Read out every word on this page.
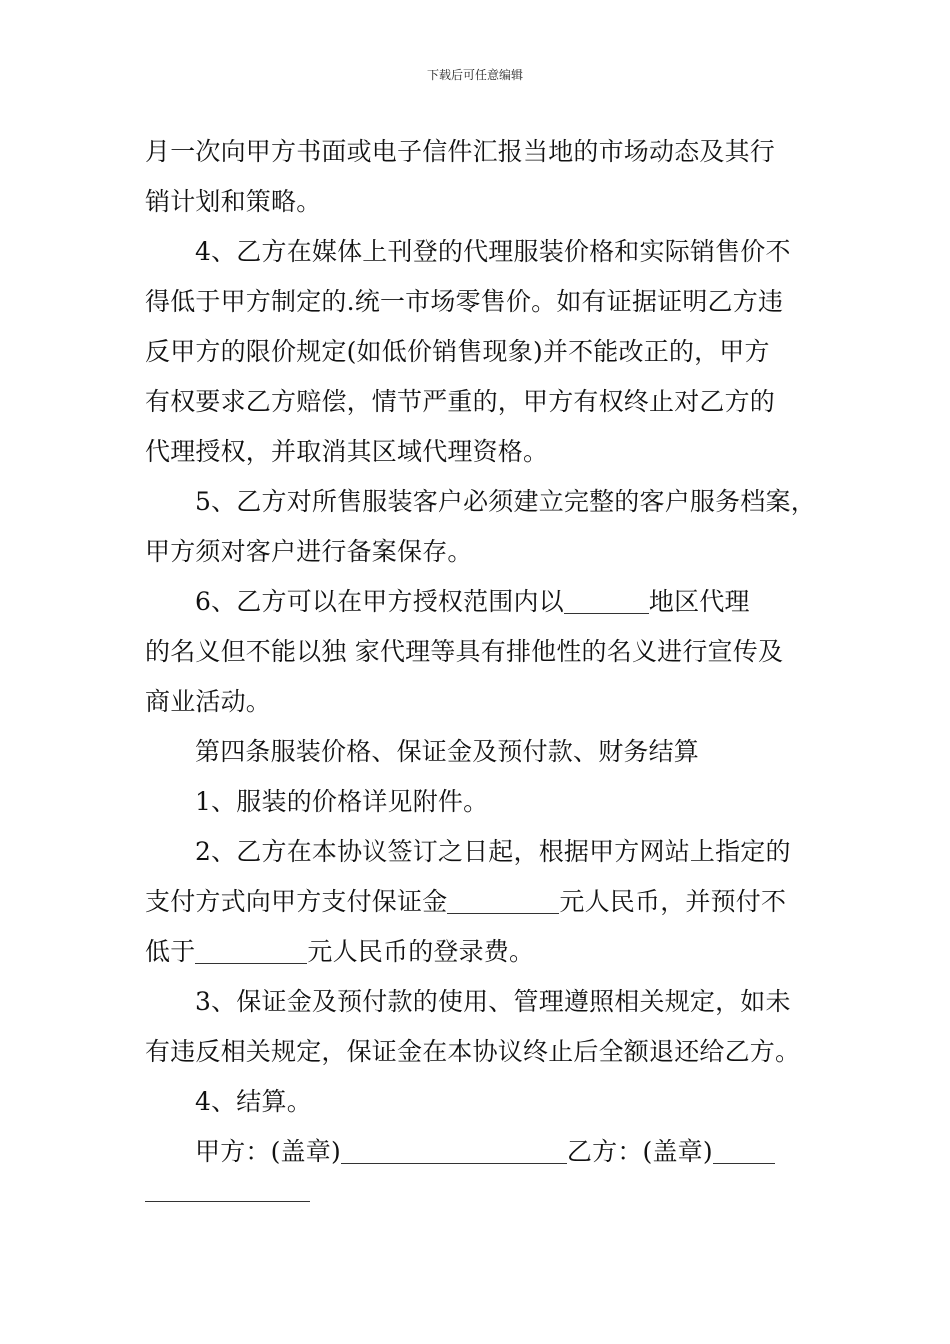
下载后可任意编辑
月一次向甲方书面或电子信件汇报当地的市场动态及其行
销计划和策略。
4、乙方在媒体上刊登的代理服装价格和实际销售价不
得低于甲方制定的.统一市场零售价。如有证据证明乙方违
反甲方的限价规定(如低价销售现象)并不能改正的，甲方
有权要求乙方赔偿，情节严重的，甲方有权终止对乙方的
代理授权，并取消其区域代理资格。
5、乙方对所售服装客户必须建立完整的客户服务档案，
甲方须对客户进行备案保存。
6、乙方可以在甲方授权范围内以	地区代理
的名义但不能以独 家代理等具有排他性的名义进行宣传及
商业活动。
第四条服装价格、保证金及预付款、财务结算
1、服装的价格详见附件。
2、乙方在本协议签订之日起，根据甲方网站上指定的
支付方式向甲方支付保证金	元人民币，并预付不
低于	元人民币的登录费。
3、保证金及预付款的使用、管理遵照相关规定，如未
有违反相关规定，保证金在本协议终止后全额退还给乙方。
4、结算。
甲方：(盖章)	乙方：(盖章)
